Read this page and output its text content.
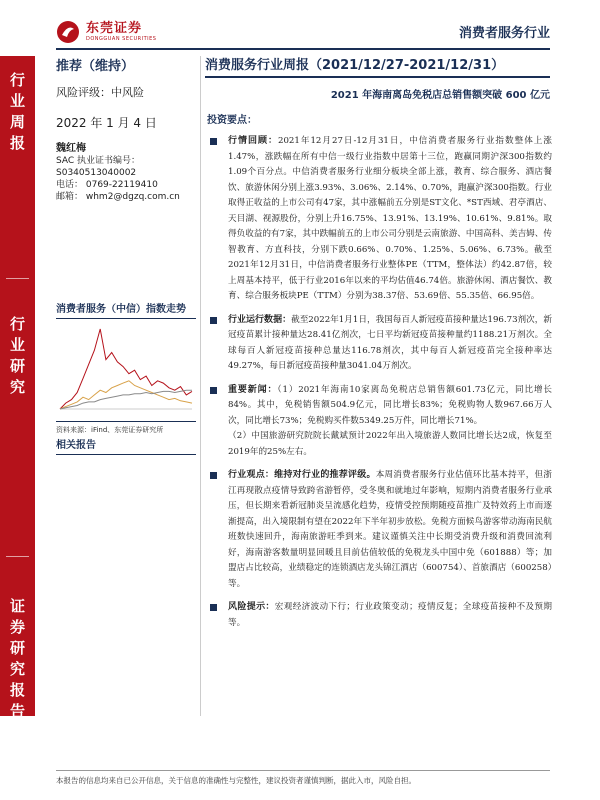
东莞证券
DONGGUAN SECURITIES	消费者服务行业
行业周报
行业研究
证券研究报告
推荐（维持）
风险评级：中风险
2022 年 1 月 4 日
魏红梅
SAC 执业证书编号：
S0340513040002
电话： 0769-22119410
邮箱： whm2@dgzq.com.cn
消费者服务（中信）指数走势
资料来源：iFind、东莞证券研究所
相关报告
消费服务行业周报（2021/12/27-2021/12/31）
2021 年海南离岛免税店总销售额突破 600 亿元
投资要点：
行情回顾：2021年12月27日-12月31日，中信消费者服务行业指数整体上涨1.47%，涨跌幅在所有中信一级行业指数中居第十三位，跑赢同期沪深300指数约1.09个百分点。中信消费者服务行业细分板块全部上涨，教育、综合服务、酒店餐饮、旅游休闲分别上涨3.93%、3.06%、2.14%、0.70%，跑赢沪深300指数。行业取得正收益的上市公司有47家，其中涨幅前五分别是ST文化、*ST西域、君亭酒店、天目湖、视源股份，分别上升16.75%、13.91%、13.19%、10.61%、9.81%。取得负收益的有7家，其中跌幅前五的上市公司分别是云南旅游、中国高科、美吉姆、传智教育、方直科技，分别下跌0.66%、0.70%、1.25%、5.06%、6.73%。截至2021年12月31日，中信消费者服务行业整体PE（TTM，整体法）约42.87倍，较上周基本持平，低于行业2016年以来的平均估值46.74倍。旅游休闲、酒店餐饮、教育、综合服务板块PE（TTM）分别为38.37倍、53.69倍、55.35倍、66.95倍。
行业运行数据：截至2022年1月1日，我国每百人新冠疫苗接种量达196.73剂次，新冠疫苗累计接种量达28.41亿剂次，七日平均新冠疫苗接种量约1188.21万剂次。全球每百人新冠疫苗接种总量达116.78剂次，其中每百人新冠疫苗完全接种率达49.27%，每日新冠疫苗接种量3041.04万剂次。
重要新闻：（1）2021年海南10家离岛免税店总销售额601.73亿元，同比增长84%。其中，免税销售额504.9亿元，同比增长83%；免税购物人数967.66万人次，同比增长73%；免税购买件数5349.25万件，同比增长71%。
（2）中国旅游研究院院长戴斌预计2022年出入境旅游人数同比增长达2成，恢复至2019年的25%左右。
行业观点：维持对行业的推荐评级。本周消费者服务行业估值环比基本持平，但浙江再现散点疫情导致跨省游暂停，受冬奥和就地过年影响，短期内消费者服务行业承压，但长期来看新冠肺炎呈流感化趋势，疫情受控预期随疫苗推广及特效药上市而逐渐提高，出入境限制有望在2022年下半年初步放松。免税方面候鸟游客带动海南民航班数快速回升，海南旅游旺季到来。建议谨慎关注中长期受消费升级和消费回流利好，海南游客数量明显回暖且目前估值较低的免税龙头中国中免（601888）等；加盟店占比较高，业绩稳定的连锁酒店龙头锦江酒店（600754）、首旅酒店（600258）等。
风险提示：宏观经济波动下行；行业政策变动；疫情反复；全球疫苗接种不及预期等。
本报告的信息均来自已公开信息，关于信息的准确性与完整性，建议投资者谨慎判断，据此入市，风险自担。
